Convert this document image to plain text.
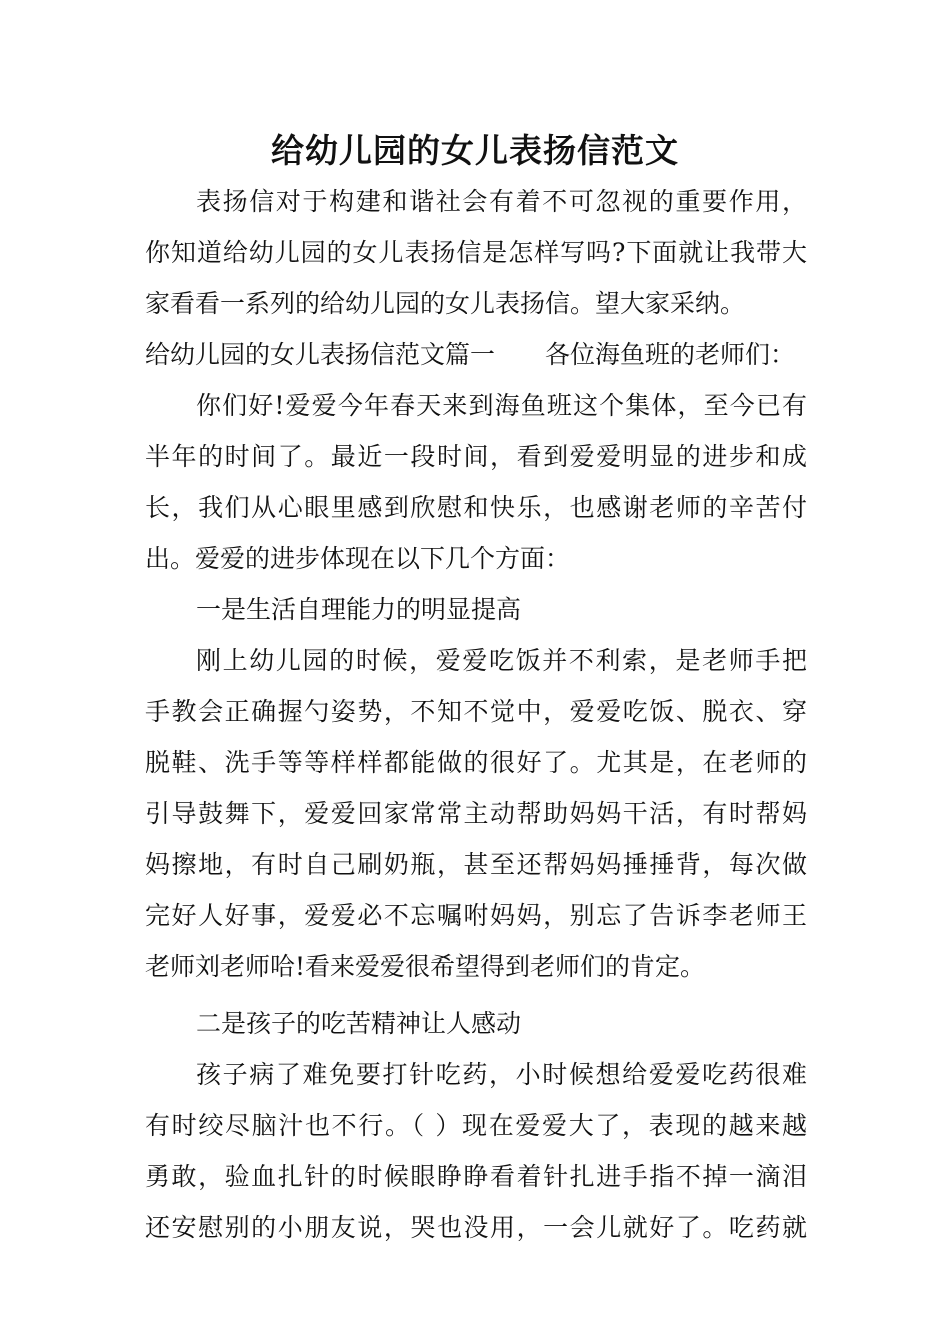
给幼儿园的女儿表扬信范文
表扬信对于构建和谐社会有着不可忽视的重要作用，
你知道给幼儿园的女儿表扬信是怎样写吗?下面就让我带大
家看看一系列的给幼儿园的女儿表扬信。望大家采纳。
给幼儿园的女儿表扬信范文篇一 各位海鱼班的老师们：
你们好!爱爱今年春天来到海鱼班这个集体，至今已有
半年的时间了。最近一段时间，看到爱爱明显的进步和成
长，我们从心眼里感到欣慰和快乐，也感谢老师的辛苦付
出。爱爱的进步体现在以下几个方面：
一是生活自理能力的明显提高
刚上幼儿园的时候，爱爱吃饭并不利索，是老师手把
手教会正确握勺姿势，不知不觉中，爱爱吃饭、脱衣、穿
脱鞋、洗手等等样样都能做的很好了。尤其是，在老师的
引导鼓舞下，爱爱回家常常主动帮助妈妈干活，有时帮妈
妈擦地，有时自己刷奶瓶，甚至还帮妈妈捶捶背，每次做
完好人好事，爱爱必不忘嘱咐妈妈，别忘了告诉李老师王
老师刘老师哈!看来爱爱很希望得到老师们的肯定。
二是孩子的吃苦精神让人感动
孩子病了难免要打针吃药，小时候想给爱爱吃药很难
有时绞尽脑汁也不行。（ ）现在爱爱大了，表现的越来越
勇敢，验血扎针的时候眼睁睁看着针扎进手指不掉一滴泪
还安慰别的小朋友说，哭也没用，一会儿就好了。吃药就
